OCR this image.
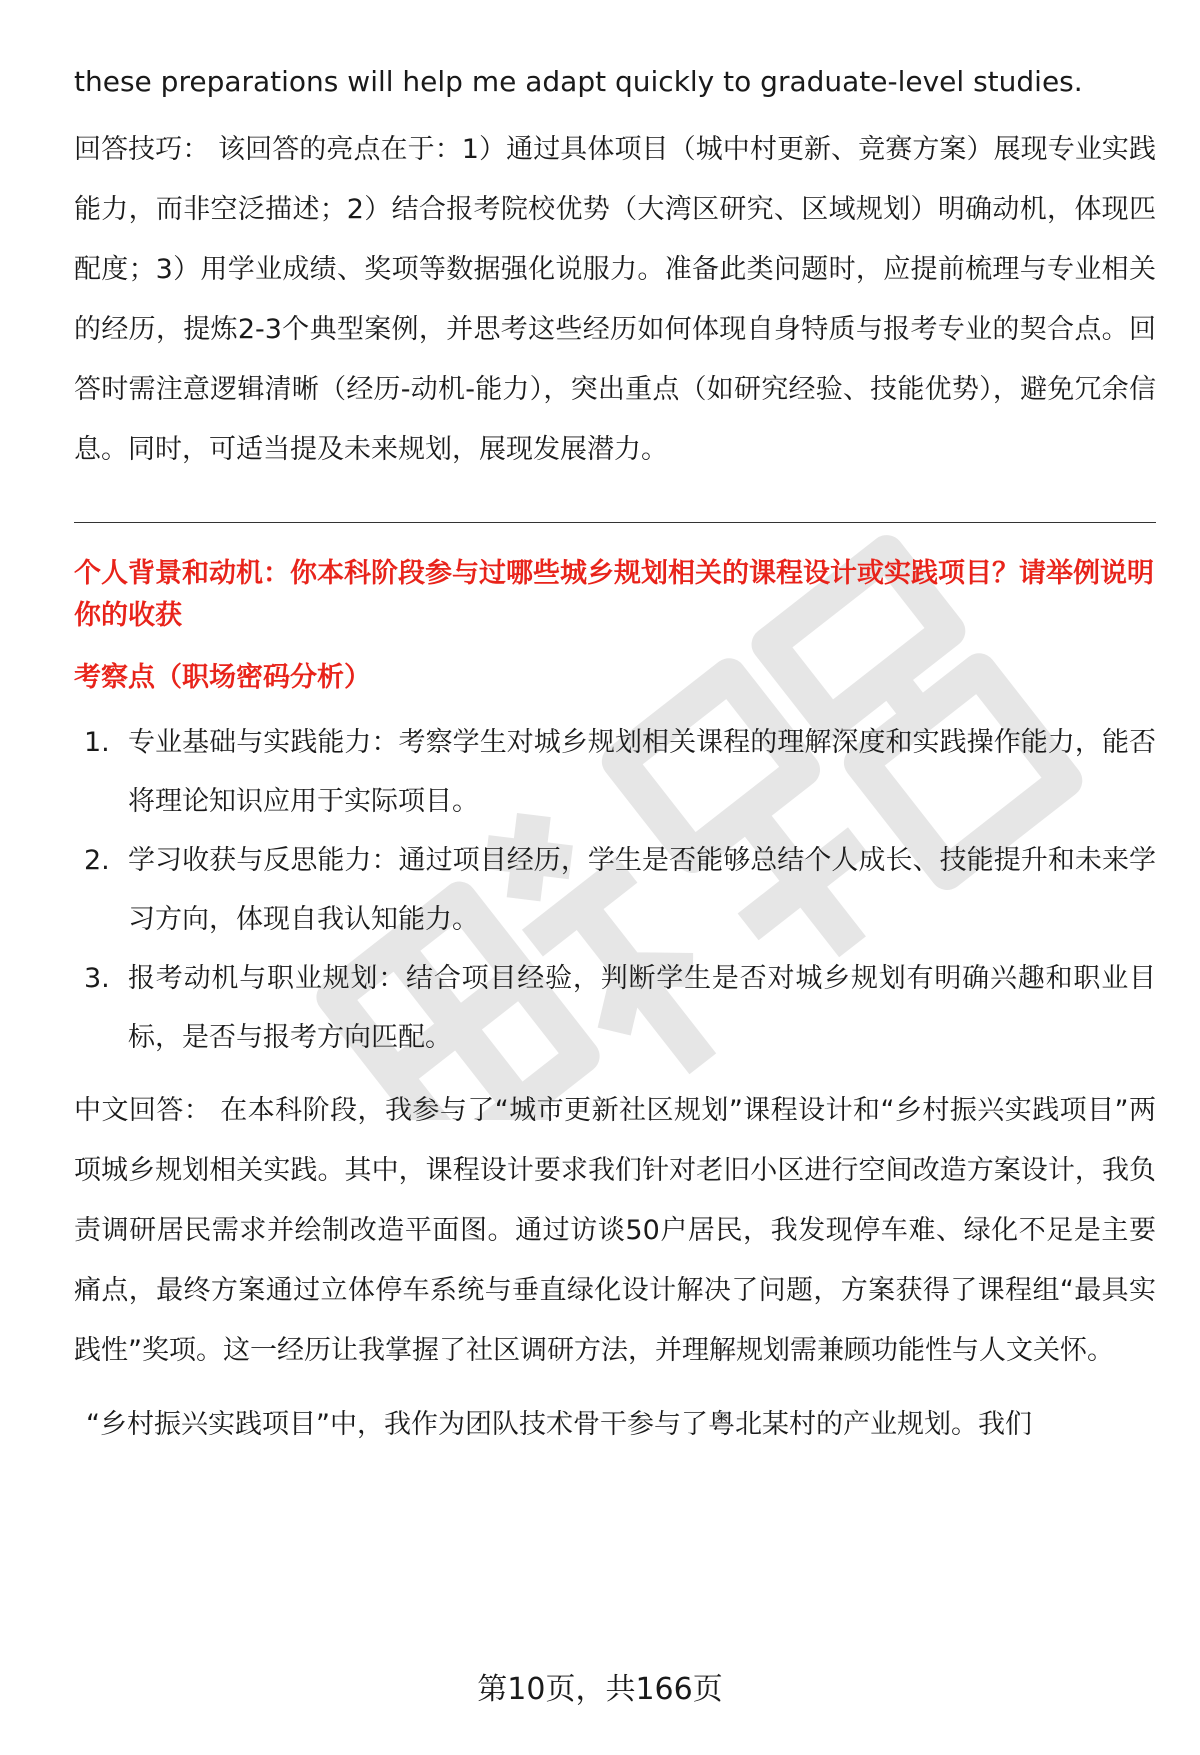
these preparations will help me adapt quickly to graduate-level studies.

回答技巧： 该回答的亮点在于：1）通过具体项目（城中村更新、竞赛方案）展现专业实践能力，而非空泛描述；2）结合报考院校优势（大湾区研究、区域规划）明确动机，体现匹配度；3）用学业成绩、奖项等数据强化说服力。准备此类问题时，应提前梳理与专业相关的经历，提炼2-3个典型案例，并思考这些经历如何体现自身特质与报考专业的契合点。回答时需注意逻辑清晰（经历-动机-能力），突出重点（如研究经验、技能优势），避免冗余信息。同时，可适当提及未来规划，展现发展潜力。

个人背景和动机：你本科阶段参与过哪些城乡规划相关的课程设计或实践项目？请举例说明你的收获

考察点（职场密码分析）

1. 专业基础与实践能力：考察学生对城乡规划相关课程的理解深度和实践操作能力，能否将理论知识应用于实际项目。
2. 学习收获与反思能力：通过项目经历，学生是否能够总结个人成长、技能提升和未来学习方向，体现自我认知能力。
3. 报考动机与职业规划：结合项目经验，判断学生是否对城乡规划有明确兴趣和职业目标，是否与报考方向匹配。

中文回答： 在本科阶段，我参与了“城市更新社区规划”课程设计和“乡村振兴实践项目”两项城乡规划相关实践。其中，课程设计要求我们针对老旧小区进行空间改造方案设计，我负责调研居民需求并绘制改造平面图。通过访谈50户居民，我发现停车难、绿化不足是主要痛点，最终方案通过立体停车系统与垂直绿化设计解决了问题，方案获得了课程组“最具实践性”奖项。这一经历让我掌握了社区调研方法，并理解规划需兼顾功能性与人文关怀。

“乡村振兴实践项目”中，我作为团队技术骨干参与了粤北某村的产业规划。我们

第10页，共166页
